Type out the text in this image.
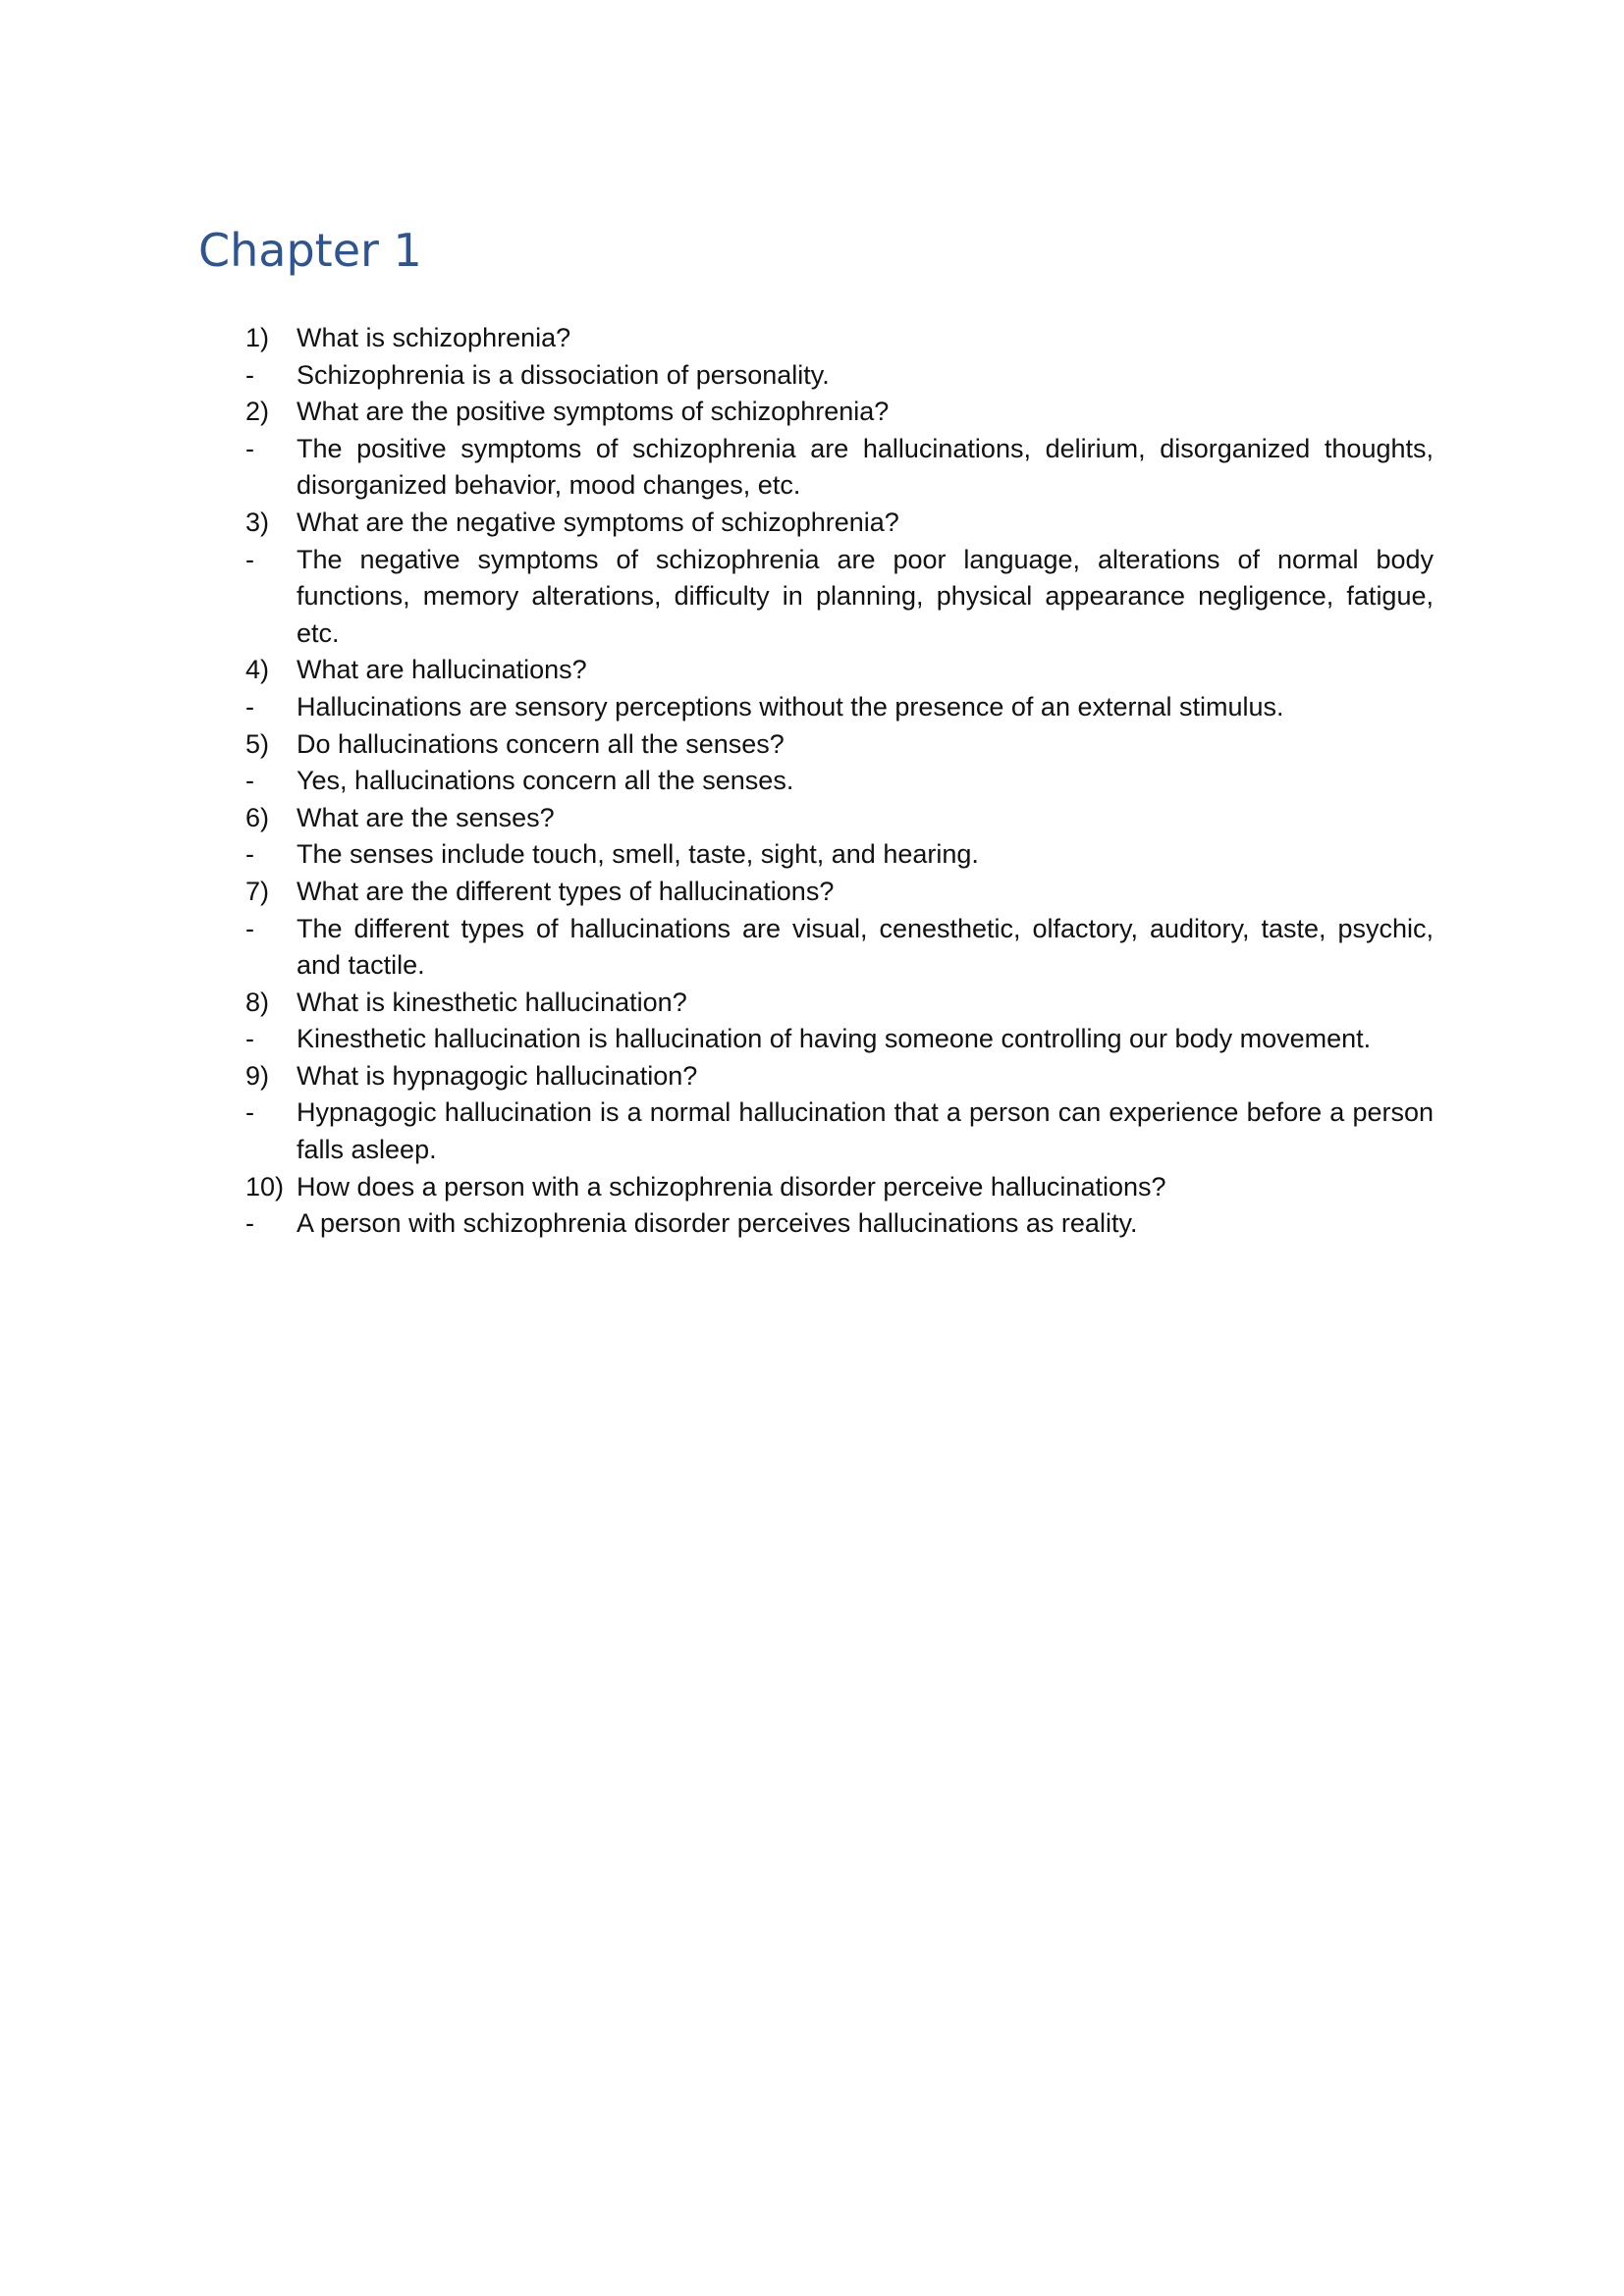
Chapter 1
1)	What is schizophrenia?
-	Schizophrenia is a dissociation of personality.
2)	What are the positive symptoms of schizophrenia?
-	The positive symptoms of schizophrenia are hallucinations, delirium, disorganized thoughts, disorganized behavior, mood changes, etc.
3)	What are the negative symptoms of schizophrenia?
-	The negative symptoms of schizophrenia are poor language, alterations of normal body functions, memory alterations, difficulty in planning, physical appearance negligence, fatigue, etc.
4)	What are hallucinations?
-	Hallucinations are sensory perceptions without the presence of an external stimulus.
5)	Do hallucinations concern all the senses?
-	Yes, hallucinations concern all the senses.
6)	What are the senses?
-	The senses include touch, smell, taste, sight, and hearing.
7)	What are the different types of hallucinations?
-	The different types of hallucinations are visual, cenesthetic, olfactory, auditory, taste, psychic, and tactile.
8)	What is kinesthetic hallucination?
-	Kinesthetic hallucination is hallucination of having someone controlling our body movement.
9)	What is hypnagogic hallucination?
-	Hypnagogic hallucination is a normal hallucination that a person can experience before a person falls asleep.
10) How does a person with a schizophrenia disorder perceive hallucinations?
-	A person with schizophrenia disorder perceives hallucinations as reality.
